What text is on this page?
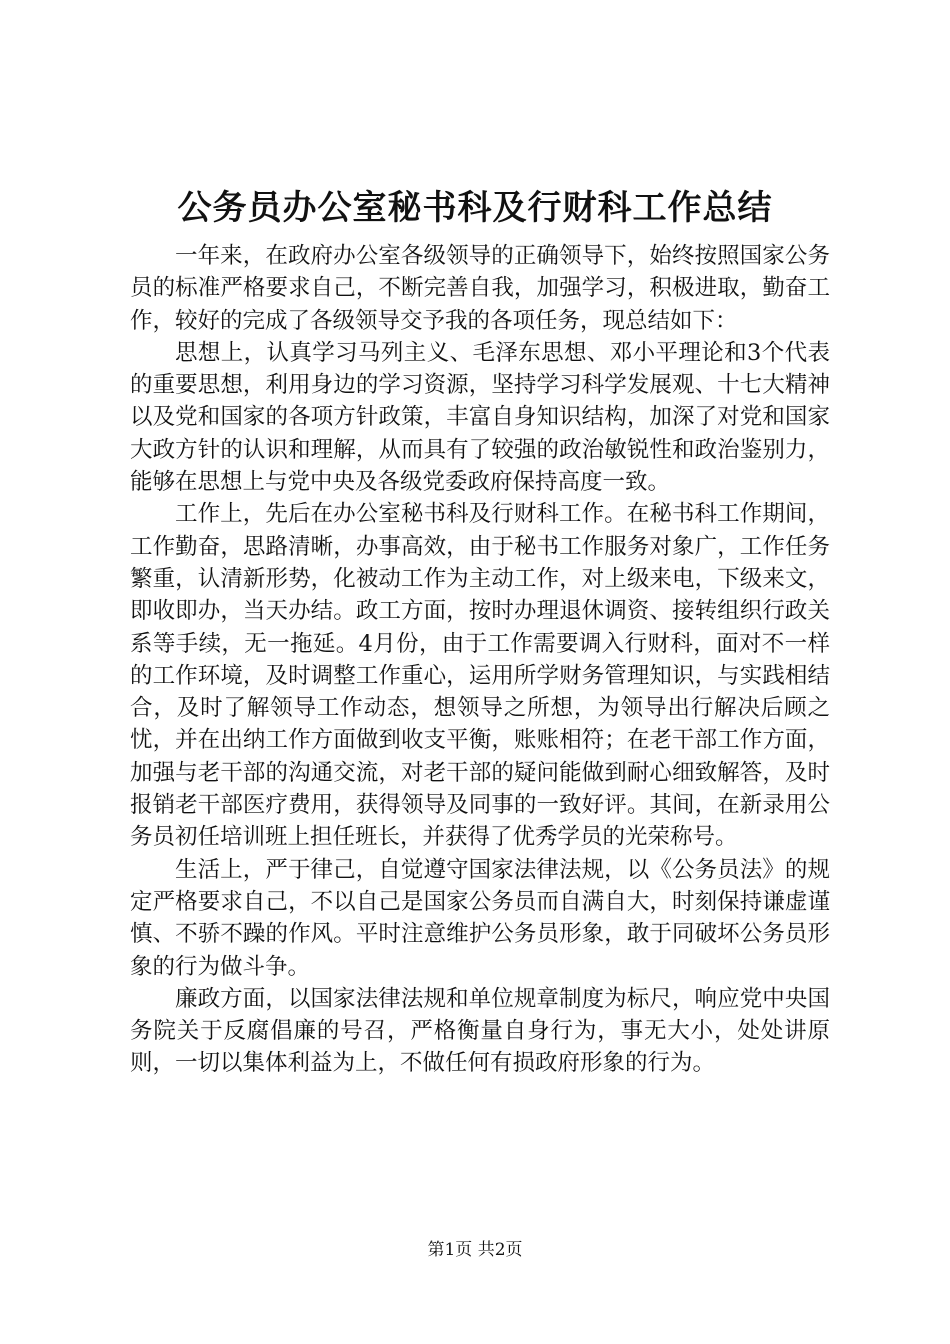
公务员办公室秘书科及行财科工作总结

一年来，在政府办公室各级领导的正确领导下，始终按照国家公务员的标准严格要求自己，不断完善自我，加强学习，积极进取，勤奋工作，较好的完成了各级领导交予我的各项任务，现总结如下：

思想上，认真学习马列主义、毛泽东思想、邓小平理论和3个代表的重要思想，利用身边的学习资源，坚持学习科学发展观、十七大精神以及党和国家的各项方针政策，丰富自身知识结构，加深了对党和国家大政方针的认识和理解，从而具有了较强的政治敏锐性和政治鉴别力，能够在思想上与党中央及各级党委政府保持高度一致。

工作上，先后在办公室秘书科及行财科工作。在秘书科工作期间，工作勤奋，思路清晰，办事高效，由于秘书工作服务对象广，工作任务繁重，认清新形势，化被动工作为主动工作，对上级来电，下级来文，即收即办，当天办结。政工方面，按时办理退休调资、接转组织行政关系等手续，无一拖延。4月份，由于工作需要调入行财科，面对不一样的工作环境，及时调整工作重心，运用所学财务管理知识，与实践相结合，及时了解领导工作动态，想领导之所想，为领导出行解决后顾之忧，并在出纳工作方面做到收支平衡，账账相符；在老干部工作方面，加强与老干部的沟通交流，对老干部的疑问能做到耐心细致解答，及时报销老干部医疗费用，获得领导及同事的一致好评。其间，在新录用公务员初任培训班上担任班长，并获得了优秀学员的光荣称号。

生活上，严于律己，自觉遵守国家法律法规，以《公务员法》的规定严格要求自己，不以自己是国家公务员而自满自大，时刻保持谦虚谨慎、不骄不躁的作风。平时注意维护公务员形象，敢于同破坏公务员形象的行为做斗争。

廉政方面，以国家法律法规和单位规章制度为标尺，响应党中央国务院关于反腐倡廉的号召，严格衡量自身行为，事无大小，处处讲原则，一切以集体利益为上，不做任何有损政府形象的行为。

第1页 共2页
